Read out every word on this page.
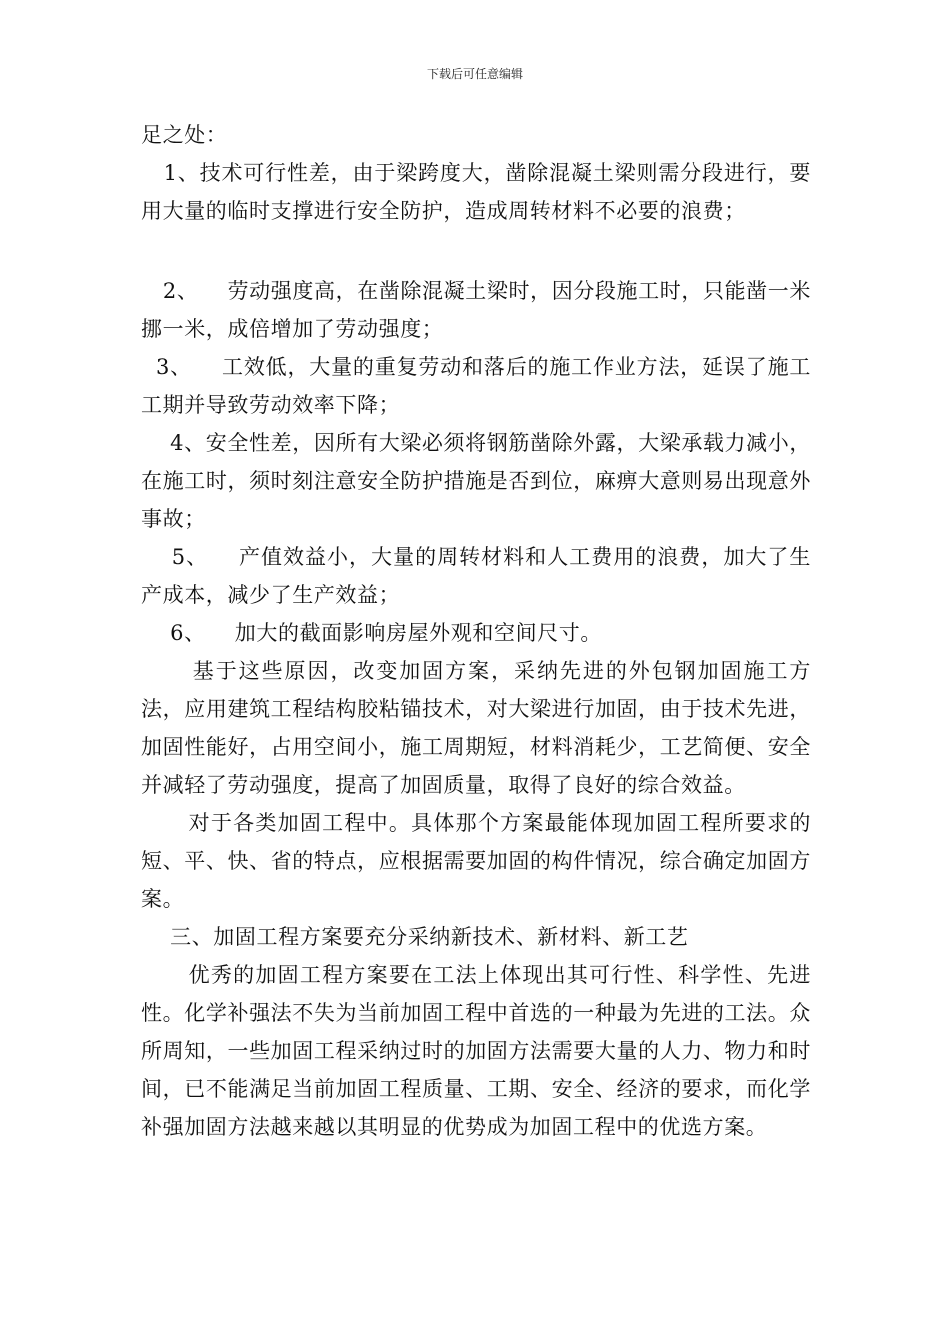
下载后可任意编辑

足之处：

1、技术可行性差，由于梁跨度大，凿除混凝土梁则需分段进行，要用大量的临时支撑进行安全防护，造成周转材料不必要的浪费；

2、    劳动强度高，在凿除混凝土梁时，因分段施工时，只能凿一米挪一米，成倍增加了劳动强度；

3、    工效低，大量的重复劳动和落后的施工作业方法，延误了施工工期并导致劳动效率下降；

4、安全性差，因所有大梁必须将钢筋凿除外露，大梁承载力减小，在施工时，须时刻注意安全防护措施是否到位，麻痹大意则易出现意外事故；

5、    产值效益小，大量的周转材料和人工费用的浪费，加大了生产成本，减少了生产效益；

6、    加大的截面影响房屋外观和空间尺寸。

基于这些原因，改变加固方案，采纳先进的外包钢加固施工方法，应用建筑工程结构胶粘锚技术，对大梁进行加固，由于技术先进，加固性能好，占用空间小，施工周期短，材料消耗少，工艺简便、安全并减轻了劳动强度，提高了加固质量，取得了良好的综合效益。

对于各类加固工程中。具体那个方案最能体现加固工程所要求的短、平、快、省的特点，应根据需要加固的构件情况，综合确定加固方案。

三、加固工程方案要充分采纳新技术、新材料、新工艺

优秀的加固工程方案要在工法上体现出其可行性、科学性、先进性。化学补强法不失为当前加固工程中首选的一种最为先进的工法。众所周知，一些加固工程采纳过时的加固方法需要大量的人力、物力和时间，已不能满足当前加固工程质量、工期、安全、经济的要求，而化学补强加固方法越来越以其明显的优势成为加固工程中的优选方案。
